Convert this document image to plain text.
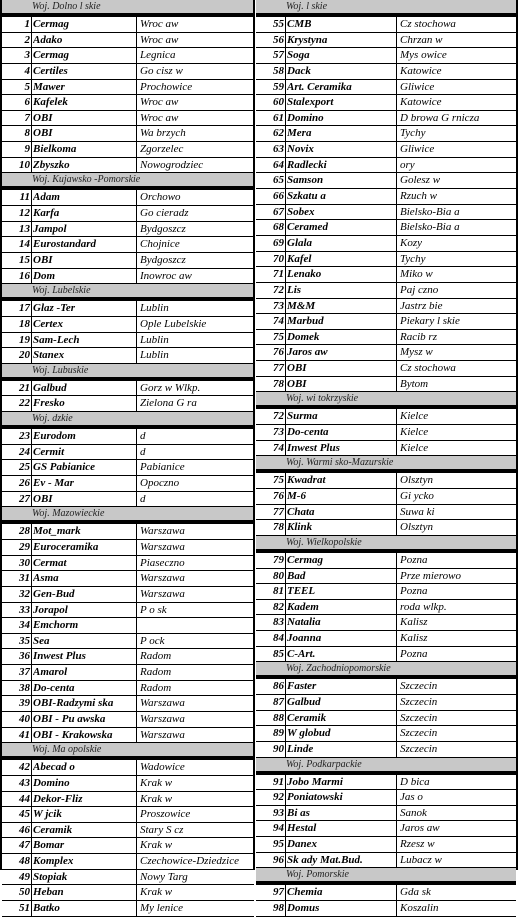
Woj. Dolno l skie
1 Cermag	Wroc aw
2 Adako	Wroc aw
3 Cermag	Legnica
4 Certiles	Go cisz w
5 Mawer	Prochowice
6 Kafelek	Wroc aw
7 OBI	Wroc aw
8 OBI	Wa brzych
9 Bielkoma	Zgorzelec
10 Zbyszko	Nowogrodziec
Woj. Kujawsko -Pomorskie
11 Adam	Orchowo
12 Karfa	Go cieradz
13 Jampol	Bydgoszcz
14 Eurostandard	Chojnice
15 OBI	Bydgoszcz
16 Dom	Inowroc aw
Woj. Lubelskie
17 Glaz -Ter	Lublin
18 Certex	Ople Lubelskie
19 Sam-Lech	Lublin
20 Stanex	Lublin
Woj. Lubuskie
21 Galbud	Gorz w Wlkp.
22 Fresko	Zielona G ra
Woj. dzkie
23 Eurodom	d
24 Cermit	d
25 GS Pabianice	Pabianice
26 Ev - Mar	Opoczno
27 OBI	d
Woj. Mazowieckie
28 Mot_mark	Warszawa
29 Euroceramika	Warszawa
30 Cermat	Piaseczno
31 Asma	Warszawa
32 Gen-Bud	Warszawa
33 Jorapol	P o sk
34 Emchorm
35 Sea	P ock
36 Inwest Plus	Radom
37 Amarol	Radom
38 Do-centa	Radom
39 OBI-Radzymi ska	Warszawa
40 OBI - Pu awska	Warszawa
41 OBI - Krakowska	Warszawa
Woj. Ma opolskie
42 Abecad o	Wadowice
43 Domino	Krak w
44 Dekor-Fliz	Krak w
45 W jcik	Proszowice
46 Ceramik	Stary S cz
47 Bomar	Krak w
48 Komplex	Czechowice-Dziedzice
49 Stopiak	Nowy Targ
50 Heban	Krak w
51 Batko	My lenice
Woj. l skie
55 CMB	Cz stochowa
56 Krystyna	Chrzan w
57 Soga	Mys owice
58 Dack	Katowice
59 Art. Ceramika	Gliwice
60 Stalexport	Katowice
61 Domino	D browa G rnicza
62 Mera	Tychy
63 Novix	Gliwice
64 Radlecki	ory
65 Samson	Golesz w
66 Szkatu a	Rzuch w
67 Sobex	Bielsko-Bia a
68 Ceramed	Bielsko-Bia a
69 Glala	Kozy
70 Kafel	Tychy
71 Lenako	Miko w
72 Lis	Paj czno
73 M&M	Jastrz bie
74 Marbud	Piekary l skie
75 Domek	Racib rz
76 Jaros aw	Mysz w
77 OBI	Cz stochowa
78 OBI	Bytom
Woj. wi tokrzyskie
72 Surma	Kielce
73 Do-centa	Kielce
74 Inwest Plus	Kielce
Woj. Warmi sko-Mazurskie
75 Kwadrat	Olsztyn
76 M-6	Gi ycko
77 Chata	Suwa ki
78 Klink	Olsztyn
Woj. Wielkopolskie
79 Cermag	Pozna
80 Bad	Prze mierowo
81 TEEL	Pozna
82 Kadem	roda wlkp.
83 Natalia	Kalisz
84 Joanna	Kalisz
85 C-Art.	Pozna
Woj. Zachodniopomorskie
86 Faster	Szczecin
87 Galbud	Szczecin
88 Ceramik	Szczecin
89 W globud	Szczecin
90 Linde	Szczecin
Woj. Podkarpackie
91 Jobo Marmi	D bica
92 Poniatowski	Jas o
93 Bi as	Sanok
94 Hestal	Jaros aw
95 Danex	Rzesz w
96 Sk ady Mat.Bud.	Lubacz w
Woj. Pomorskie
97 Chemia	Gda sk
98 Domus	Koszalin
